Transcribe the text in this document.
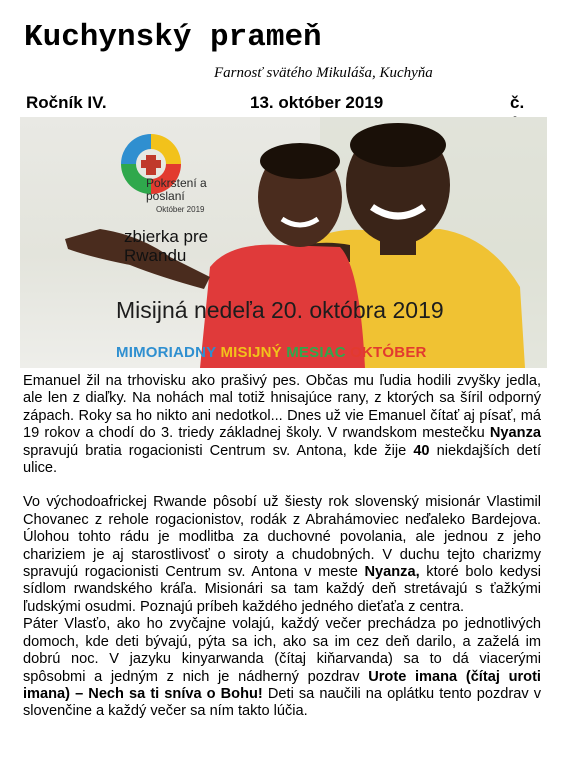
Kuchynský prameň
Farnosť svätého Mikuláša, Kuchyňa
Ročník IV.	13. október 2019	č.
Pokrstení a poslaní
Október 2019
zbierka pre
Rwandu
Misijná nedeľa 20. októbra 2019
MIMORIADNY MISIJNÝ MESIAC OKTÓBER

Emanuel žil na trhovisku ako prašivý pes. Občas mu ľudia hodili zvyšky jedla, ale len z diaľky. Na nohách mal totiž hnisajúce rany, z ktorých sa šíril odporný zápach. Roky sa ho nikto ani nedotkol... Dnes už vie Emanuel čítať aj písať, má 19 rokov a chodí do 3. triedy základnej školy. V rwandskom mestečku Nyanza spravujú bratia rogacionisti Centrum sv. Antona, kde žije 40 niekdajších detí ulice.

Vo východoafrickej Rwande pôsobí už šiesty rok slovenský misionár Vlastimil Chovanec z rehole rogacionistov, rodák z Abrahámoviec neďaleko Bardejova. Úlohou tohto rádu je modlitba za duchovné povolania, ale jednou z jeho chariziem je aj starostlivosť o siroty a chudobných. V duchu tejto charizmy spravujú rogacionisti Centrum sv. Antona v meste Nyanza, ktoré bolo kedysi sídlom rwandského kráľa. Misionári sa tam každý deň stretávajú s ťažkými ľudskými osudmi. Poznajú príbeh každého jedného dieťaťa z centra.

Páter Vlasťo, ako ho zvyčajne volajú, každý večer prechádza po jednotlivých domoch, kde deti bývajú, pýta sa ich, ako sa im cez deň darilo, a zaželá im dobrú noc. V jazyku kinyarwanda (čítaj kiňarvanda) sa to dá viacerými spôsobmi a jedným z nich je nádherný pozdrav Urote imana (čítaj uroti imana) – Nech sa ti sníva o Bohu! Deti sa naučili na oplátku tento pozdrav v slovenčine a každý večer sa ním takto lúčia.
